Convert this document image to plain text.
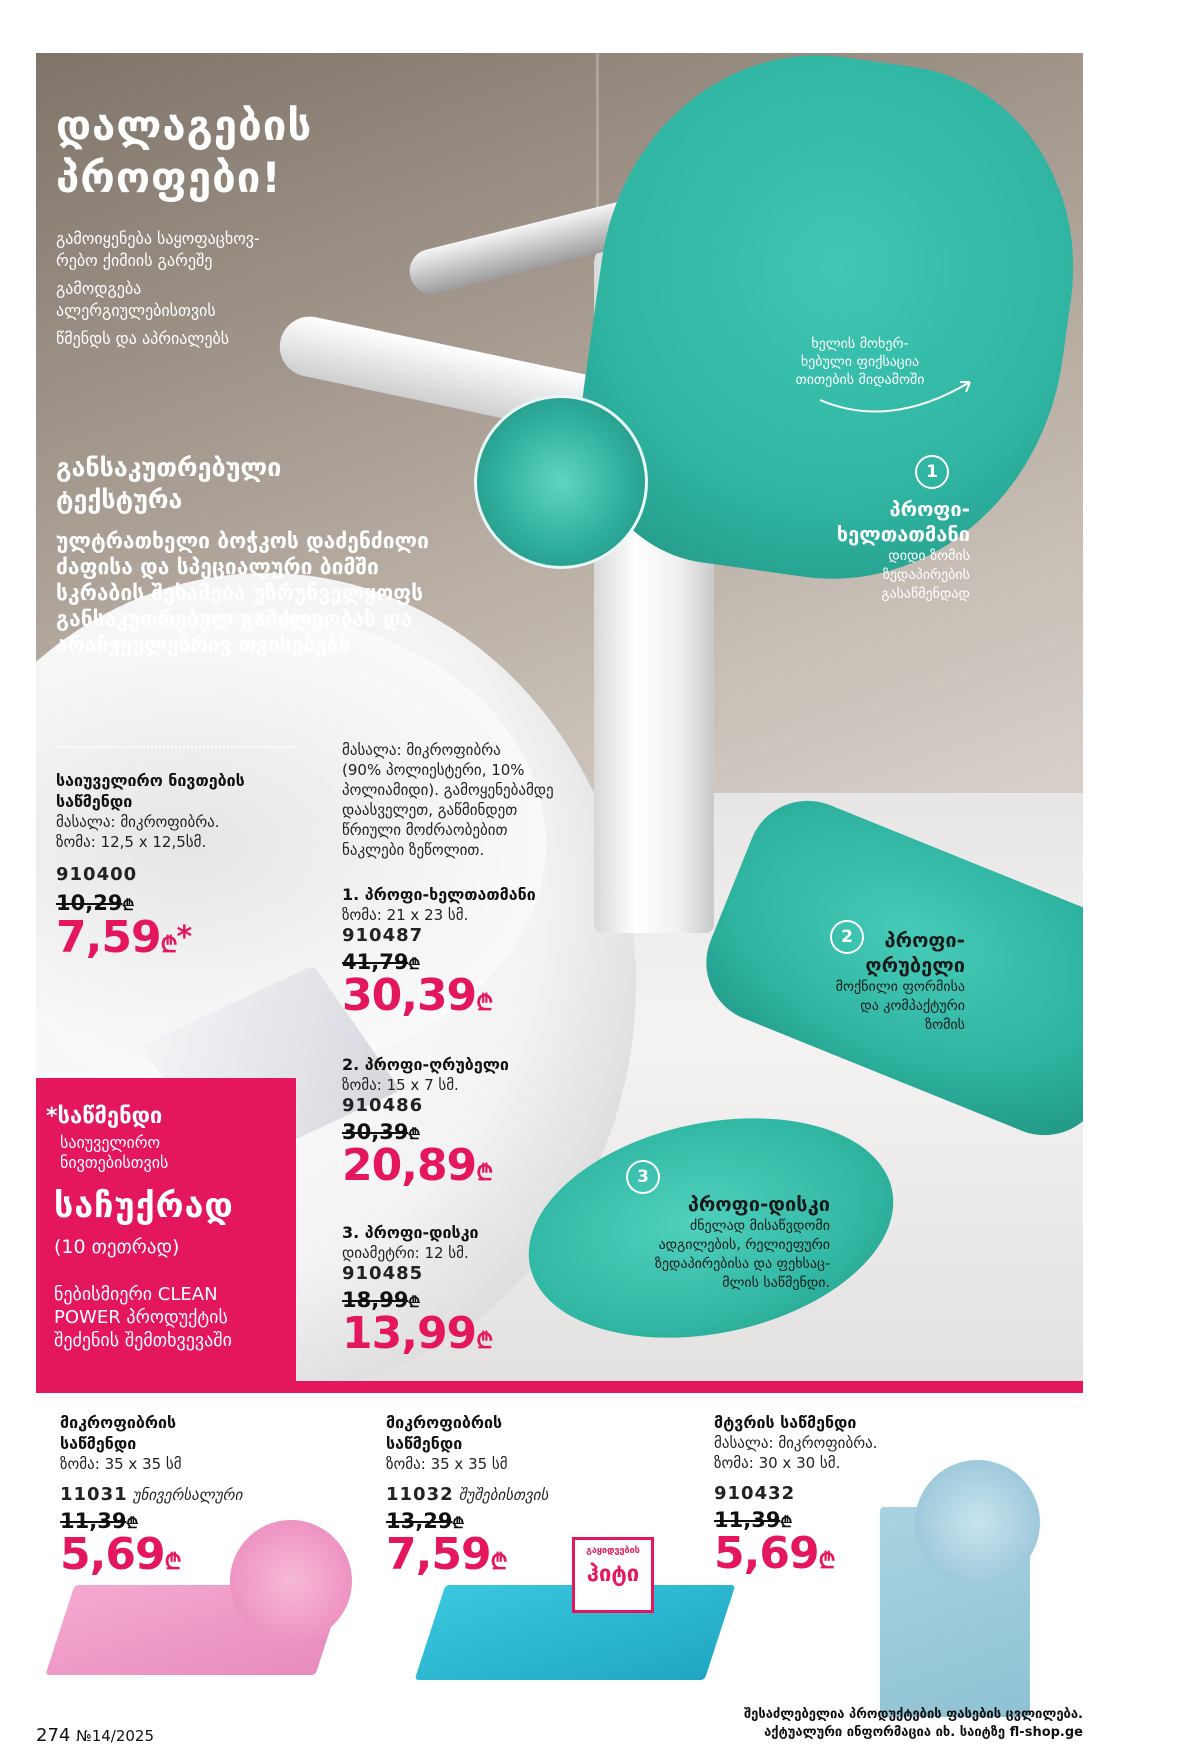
დალაგების
პროფები!
გამოიყენება საყოფაცხოვ-
რებო ქიმიის გარეშე
გამოდგება
ალერგიულებისთვის
წმენდს და აპრიალებს
განსაკუთრებული
ტექსტურა
ულტრათხელი ბოჭკოს დაძენძილი
ძაფისა და სპეციალური ბიმში
სკრაბის შეხამება უზრუნველყოფს
განსაკუთრებულ გამძლეობას და
არაჩვეულებრივ თვისებებს
ხელის მოხერ-
ხებული ფიქსაცია
თითების მიდამოში
1
პროფი-
ხელთათმანი
დიდი ზომის
ზედაპირების
გასაწმენდად
2	პროფი-
ღრუბელი
მოქნილი ფორმისა
და კომპაქტური
ზომის
3
პროფი-დისკი
ძნელად მისაწვდომი
ადგილების, რელიეფური
ზედაპირებისა და ფეხსაც-
მლის საწმენდი.
საიუველირო ნივთების
საწმენდი
მასალა: მიკროფიბრა.
ზომა: 12,5 x 12,5სმ.
910400
10,29₾
7,59₾*
*საწმენდი
საიუველირო
ნივთებისთვის
საჩუქრად
(10 თეთრად)
ნებისმიერი CLEAN
POWER პროდუქტის
შეძენის შემთხვევაში
მასალა: მიკროფიბრა
(90% პოლიესტერი, 10%
პოლიამიდი). გამოყენებამდე
დაასველეთ, გაწმინდეთ
წრიული მოძრაობებით
ნაკლები ზეწოლით.
1. პროფი-ხელთათმანი
ზომა: 21 x 23 სმ.
910487
41,79₾
30,39₾
2. პროფი-ღრუბელი
ზომა: 15 x 7 სმ.
910486
30,39₾
20,89₾
3. პროფი-დისკი
დიამეტრი: 12 სმ.
910485
18,99₾
13,99₾
გაყიდვების
ჰიტი
მიკროფიბრის
საწმენდი
ზომა: 35 x 35 სმ
11031 უნივერსალური
11,39₾
5,69₾
მიკროფიბრის
საწმენდი
ზომა: 35 x 35 სმ
11032 შუშებისთვის
13,29₾
7,59₾
მტვრის საწმენდი
მასალა: მიკროფიბრა.
ზომა: 30 x 30 სმ.
910432
11,39₾
5,69₾
274 №14/2025
შესაძლებელია პროდუქტების ფასების ცვლილება.
აქტუალური ინფორმაცია იხ. საიტზე fl-shop.ge
